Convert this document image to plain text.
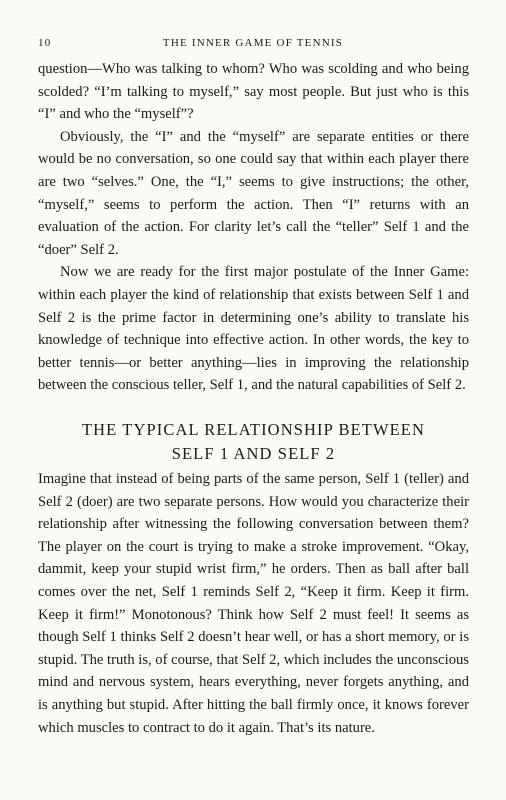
10	THE INNER GAME OF TENNIS

question—Who was talking to whom? Who was scolding and who being scolded? “I’m talking to myself,” say most people. But just who is this “I” and who the “myself”?

Obviously, the “I” and the “myself” are separate entities or there would be no conversation, so one could say that within each player there are two “selves.” One, the “I,” seems to give instructions; the other, “myself,” seems to perform the action. Then “I” returns with an evaluation of the action. For clarity let’s call the “teller” Self 1 and the “doer” Self 2.

Now we are ready for the first major postulate of the Inner Game: within each player the kind of relationship that exists between Self 1 and Self 2 is the prime factor in determining one’s ability to translate his knowledge of technique into effective action. In other words, the key to better tennis—or better anything—lies in improving the relationship between the conscious teller, Self 1, and the natural capabilities of Self 2.

THE TYPICAL RELATIONSHIP BETWEEN
SELF 1 AND SELF 2

Imagine that instead of being parts of the same person, Self 1 (teller) and Self 2 (doer) are two separate persons. How would you characterize their relationship after witnessing the following conversation between them? The player on the court is trying to make a stroke improvement. “Okay, dammit, keep your stupid wrist firm,” he orders. Then as ball after ball comes over the net, Self 1 reminds Self 2, “Keep it firm. Keep it firm. Keep it firm!” Monotonous? Think how Self 2 must feel! It seems as though Self 1 thinks Self 2 doesn’t hear well, or has a short memory, or is stupid. The truth is, of course, that Self 2, which includes the unconscious mind and nervous system, hears everything, never forgets anything, and is anything but stupid. After hitting the ball firmly once, it knows forever which muscles to contract to do it again. That’s its nature.
